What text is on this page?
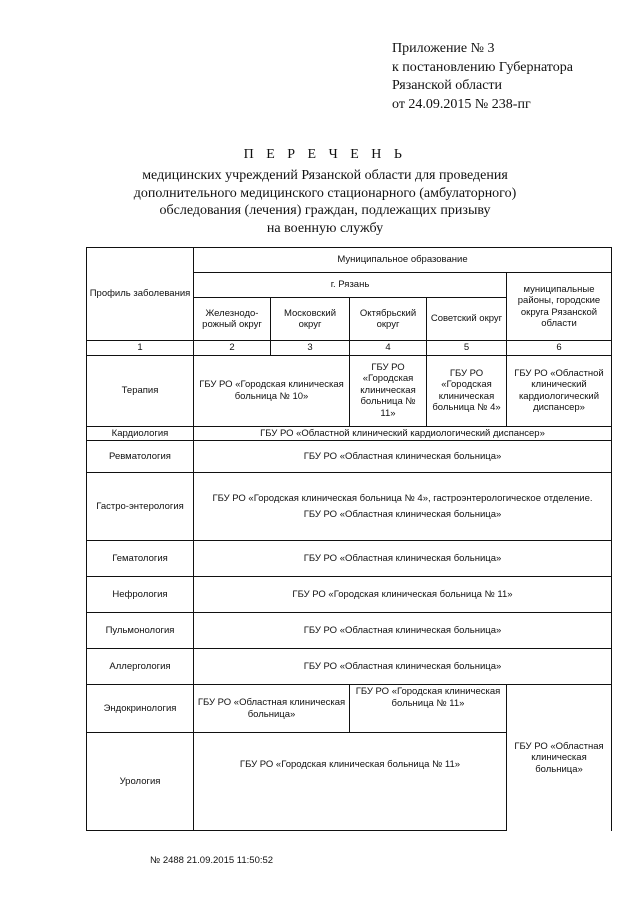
Приложение № 3
к постановлению Губернатора
Рязанской области
от 24.09.2015 № 238-пг
П Е Р Е Ч Е Н Ь
медицинских учреждений Рязанской области для проведения
дополнительного медицинского стационарного (амбулаторного)
обследования (лечения) граждан, подлежащих призыву
на военную службу
Профиль заболевания	Муниципальное образование				
	г. Рязань				муниципальные районы, городские округа Рязанской области
	Железнодо-рожный округ	Московский округ	Октябрьский округ	Советский округ	
1	2	3	4	5	6
Терапия	ГБУ РО «Городская клиническая больница № 10»		ГБУ РО «Городская клиническая больница № 11»	ГБУ РО «Городская клиническая больница № 4»	ГБУ РО «Областной клинический кардиологический диспансер»
Кардиология	ГБУ РО «Областной клинический кардиологический диспансер»				
Ревматология	ГБУ РО «Областная клиническая больница»				
Гастро-энтерология	ГБУ РО «Городская клиническая больница № 4», гастроэнтерологическое отделение.
ГБУ РО «Областная клиническая больница»				

Гематология	ГБУ РО «Областная клиническая больница»				
Нефрология	ГБУ РО «Городская клиническая больница № 11»				
Пульмонология	ГБУ РО «Областная клиническая больница»				
Аллергология	ГБУ РО «Областная клиническая больница»				
Эндокринология	ГБУ РО «Областная клиническая больница»		ГБУ РО «Городская клиническая больница № 11»		ГБУ РО «Областная клиническая больница»
Урология	ГБУ РО «Городская клиническая больница № 11»				
№ 2488 21.09.2015 11:50:52
